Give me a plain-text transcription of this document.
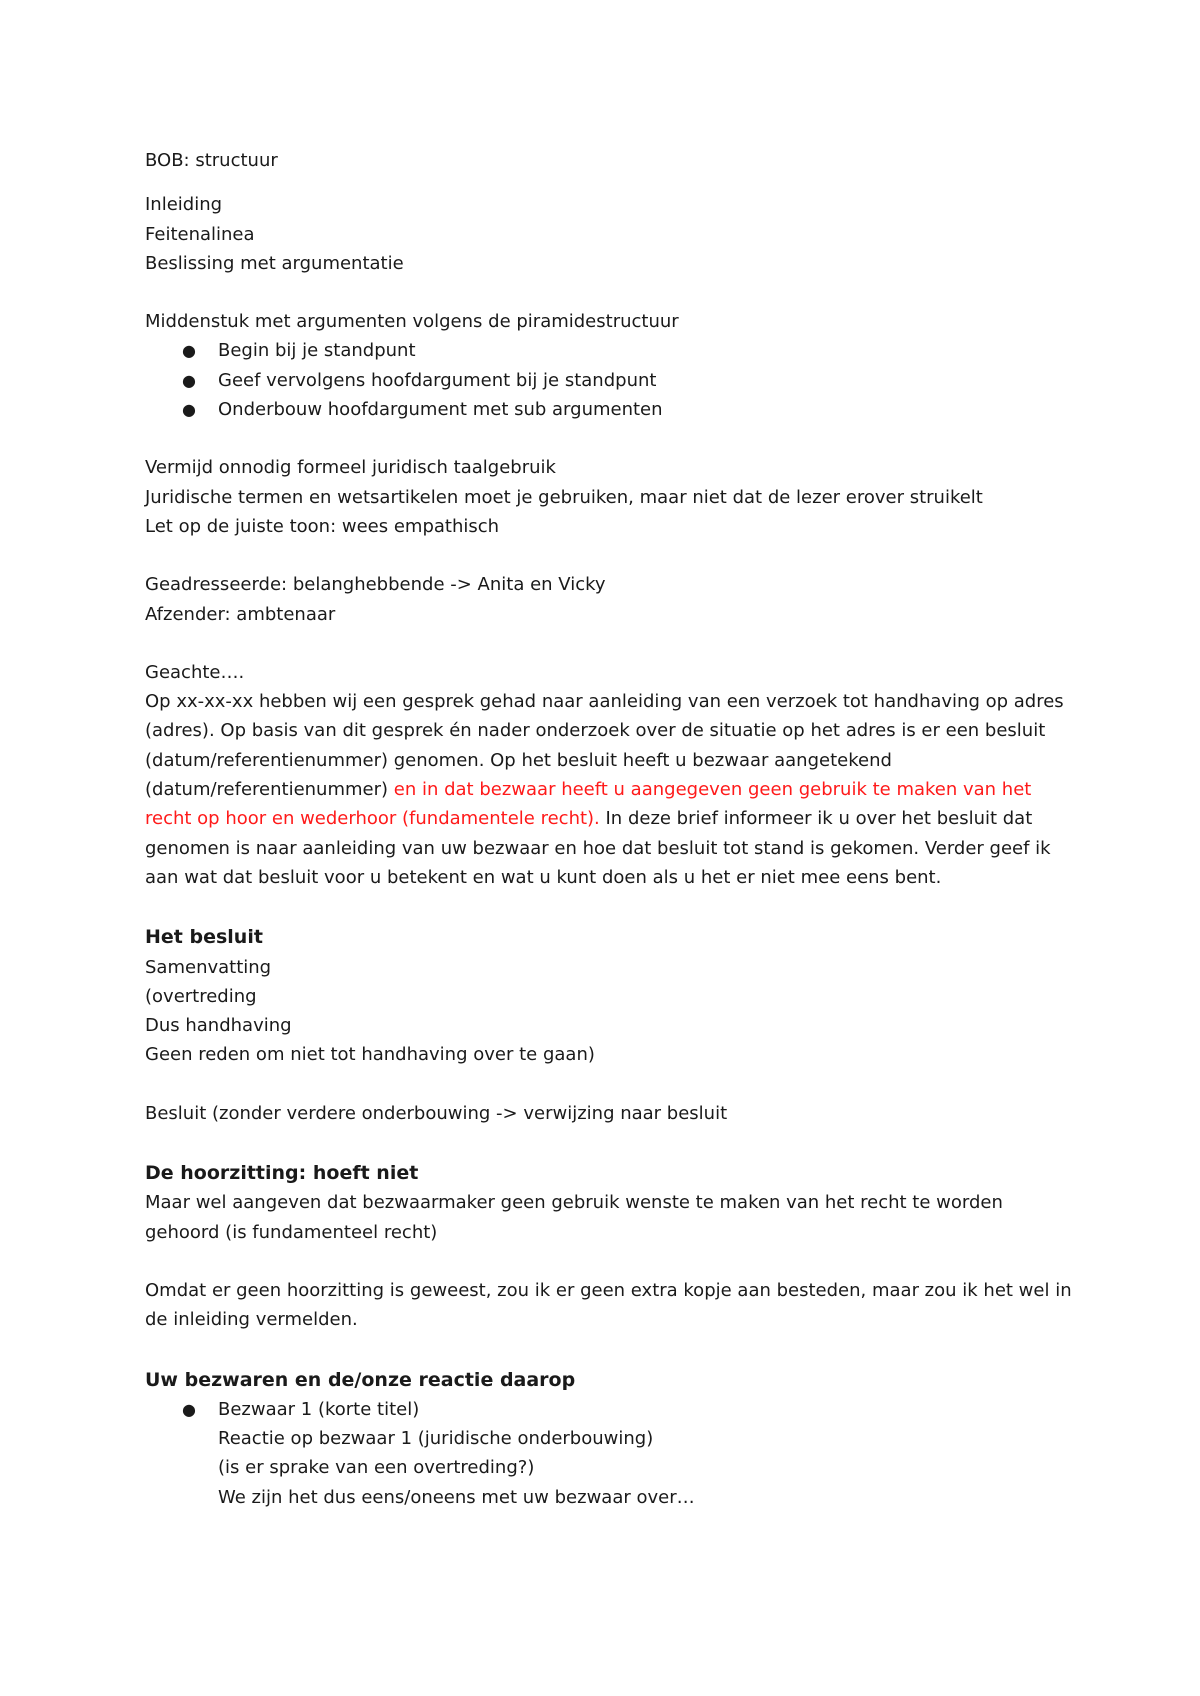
BOB: structuur

Inleiding

Feitenalinea

Beslissing met argumentatie

Middenstuk met argumenten volgens de piramidestructuur

● Begin bij je standpunt
● Geef vervolgens hoofdargument bij je standpunt
● Onderbouw hoofdargument met sub argumenten

Vermijd onnodig formeel juridisch taalgebruik

Juridische termen en wetsartikelen moet je gebruiken, maar niet dat de lezer erover struikelt

Let op de juiste toon: wees empathisch

Geadresseerde: belanghebbende -> Anita en Vicky

Afzender: ambtenaar

Geachte….

Op xx-xx-xx hebben wij een gesprek gehad naar aanleiding van een verzoek tot handhaving op adres

(adres). Op basis van dit gesprek én nader onderzoek over de situatie op het adres is er een besluit

(datum/referentienummer) genomen. Op het besluit heeft u bezwaar aangetekend

(datum/referentienummer) en in dat bezwaar heeft u aangegeven geen gebruik te maken van het

recht op hoor en wederhoor (fundamentele recht). In deze brief informeer ik u over het besluit dat

genomen is naar aanleiding van uw bezwaar en hoe dat besluit tot stand is gekomen. Verder geef ik

aan wat dat besluit voor u betekent en wat u kunt doen als u het er niet mee eens bent.

Het besluit

Samenvatting

(overtreding

Dus handhaving

Geen reden om niet tot handhaving over te gaan)

Besluit (zonder verdere onderbouwing -> verwijzing naar besluit

De hoorzitting: hoeft niet

Maar wel aangeven dat bezwaarmaker geen gebruik wenste te maken van het recht te worden

gehoord (is fundamenteel recht)

Omdat er geen hoorzitting is geweest, zou ik er geen extra kopje aan besteden, maar zou ik het wel in

de inleiding vermelden.

Uw bezwaren en de/onze reactie daarop

● Bezwaar 1 (korte titel)
Reactie op bezwaar 1 (juridische onderbouwing)
(is er sprake van een overtreding?)
We zijn het dus eens/oneens met uw bezwaar over…
